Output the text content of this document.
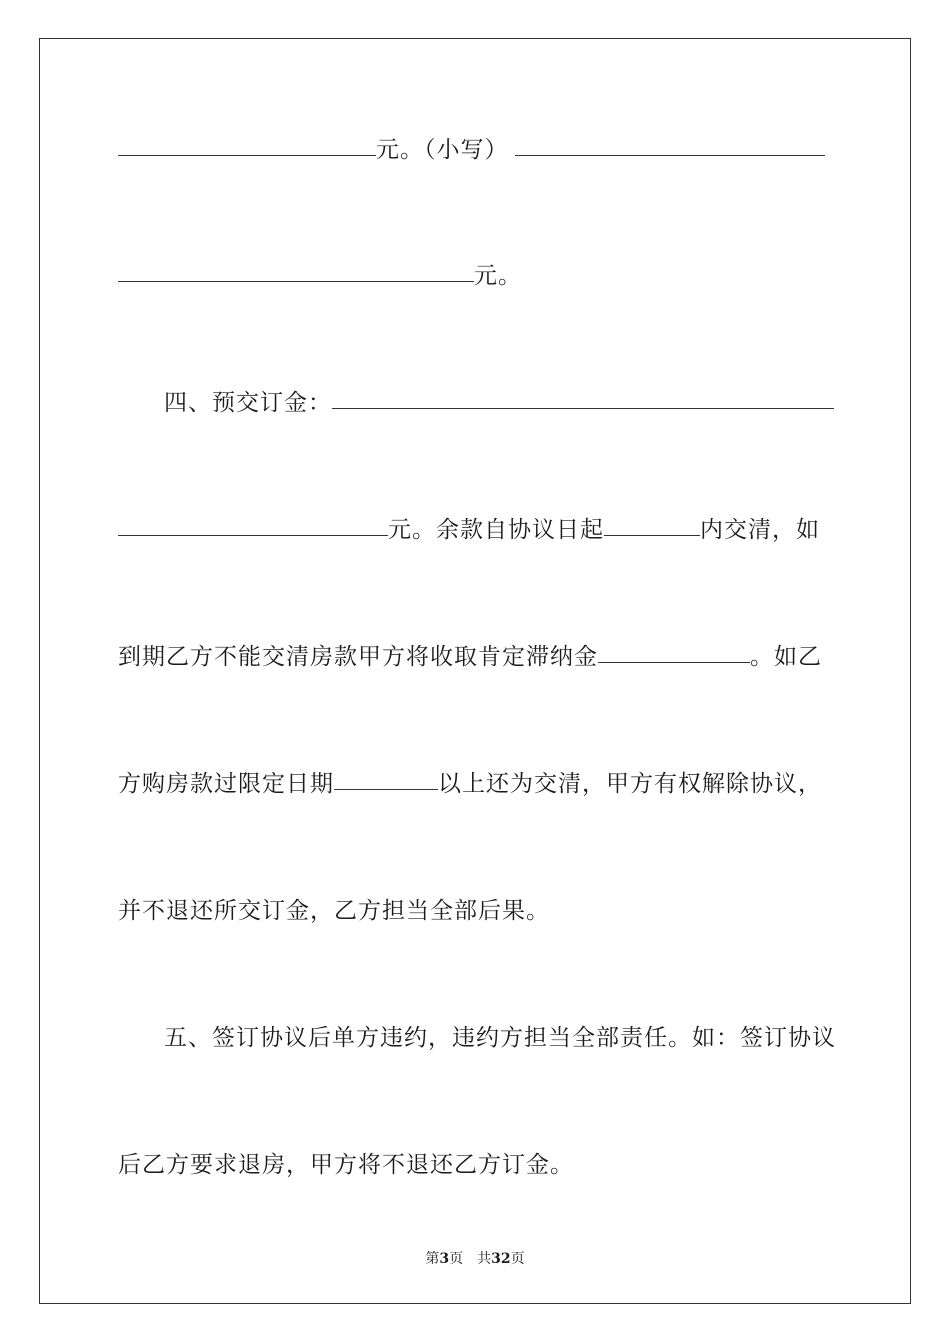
元。（小写）
元。
四、预交订金：
元。余款自协议日起	内交清，如
到期乙方不能交清房款甲方将收取肯定滞纳金	。如乙
方购房款过限定日期	以上还为交清，甲方有权解除协议，
并不退还所交订金，乙方担当全部后果。
五、签订协议后单方违约，违约方担当全部责任。如：签订协议
后乙方要求退房，甲方将不退还乙方订金。
第3页　共32页
